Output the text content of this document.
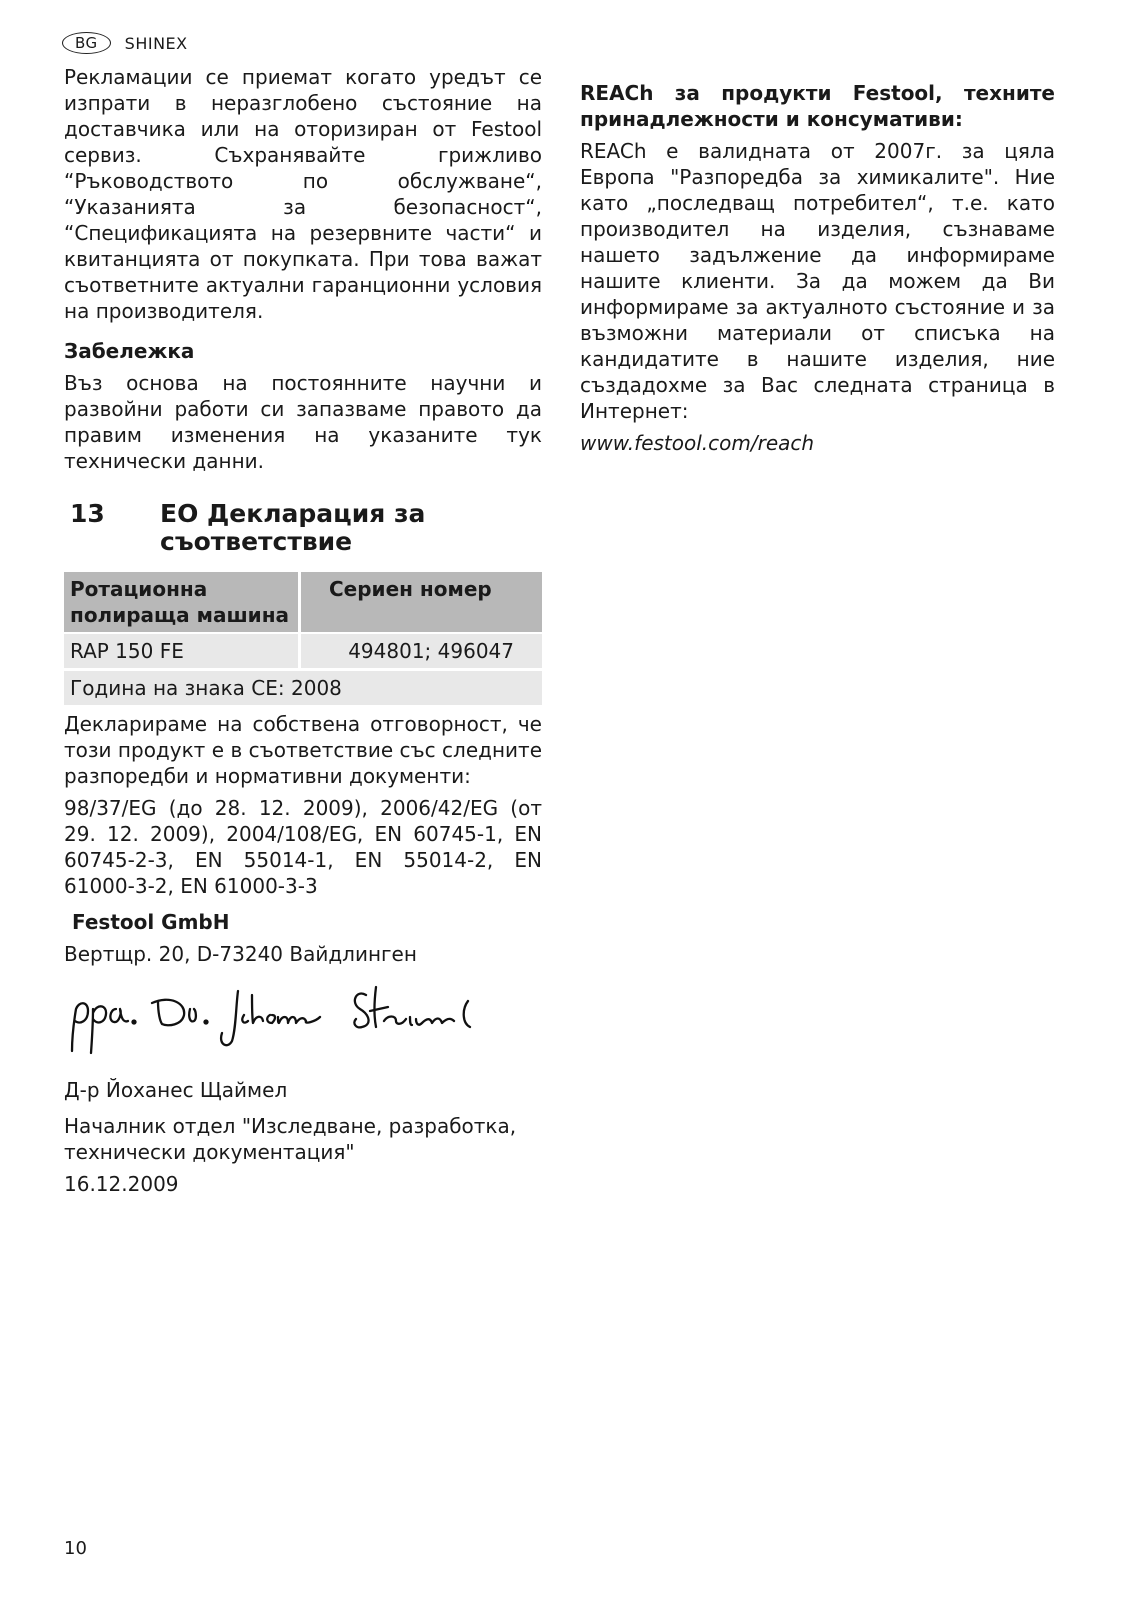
BG	SHINEX

Рекламации се приемат когато уредът се изпрати в неразглобено състояние на доставчика или на оторизиран от Festool сервиз. Съхранявайте грижливо “Ръководството по обслужване“, “Указанията за безопасност“, “Спецификацията на резервните части“ и квитанцията от покупката. При това важат съответните актуални гаранционни условия на производителя.

Забележка

Въз основа на постоянните научни и развойни работи си запазваме правото да правим изменения на указаните тук технически данни.

13	ЕО Декларация за съответствие
Ротационна полираща машина	Сериен номер
RAP 150 FE	494801; 496047
Година на знака СЕ: 2008	

Декларираме на собствена отговорност, че този продукт е в съответствие със следните разпоредби и нормативни документи:

98/37/EG (до 28. 12. 2009), 2006/42/EG (от 29. 12. 2009), 2004/108/EG, EN 60745-1, EN 60745-2-3, EN 55014-1, EN 55014-2, EN 61000-3-2, EN 61000-3-3

Festool GmbH

Вертщр. 20, D-73240 Вайдлинген

Д-р Йоханес Щаймел

Началник отдел "Изследване, разработка, технически документация"

16.12.2009

REACh за продукти Festool, техните принадлежности и консумативи:

REACh е валидната от 2007г. за цяла Европа "Разпоредба за химикалите". Ние като „последващ потребител“, т.е. като производител на изделия, съзнаваме нашето задължение да информираме нашите клиенти. За да можем да Ви информираме за актуалното състояние и за възможни материали от списъка на кандидатите в нашите изделия, ние създадохме за Вас следната страница в Интернет:

www.festool.com/reach

10
